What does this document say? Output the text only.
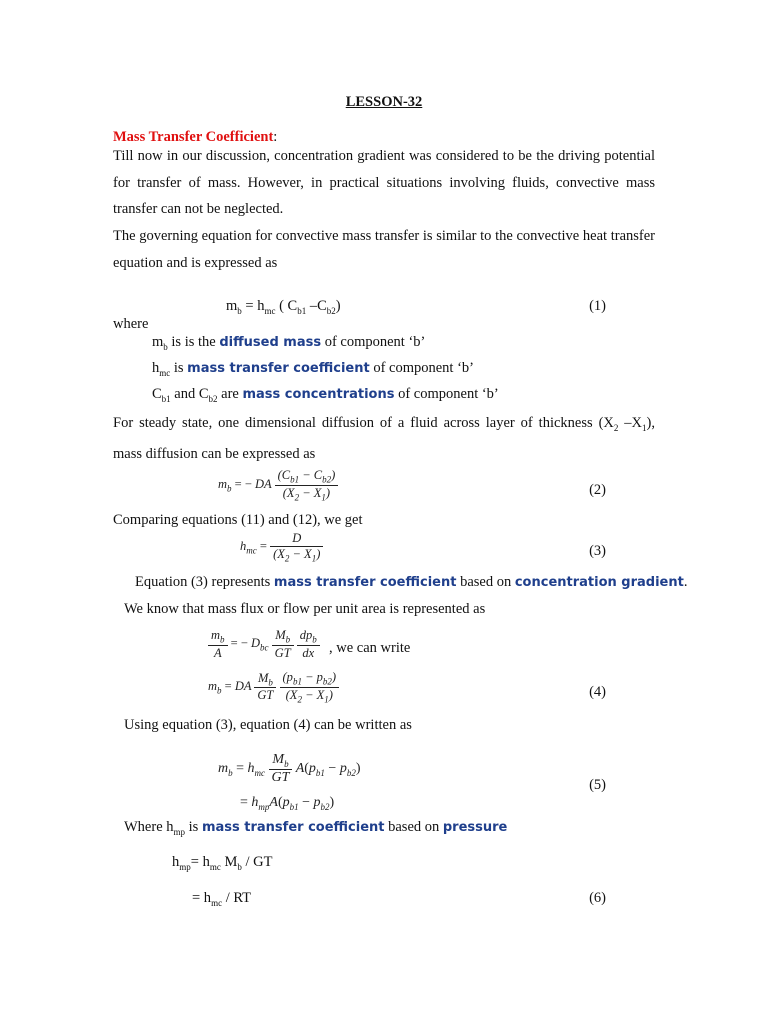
LESSON-32
Mass Transfer Coefficient:

Till now in our discussion, concentration gradient was considered to be the driving potential for transfer of mass. However, in practical situations involving fluids, convective mass transfer can not be neglected.

The governing equation for convective mass transfer is similar to the convective heat transfer equation and is expressed as

$m_b = h_{mc}$ ( $C_{b1}$ $-C_{b2}$)	(1)
where
$m_b$ is is the diffused mass of component ‘b’
$h_{mc}$ is mass transfer coefficient of component ‘b’
$C_{b1}$ and $C_{b2}$ are mass concentrations of component ‘b’

For steady state, one dimensional diffusion of a fluid across layer of thickness ($X_2$ $-X_1$), mass diffusion can be expressed as

$m_b$ = − DA $\frac{(C_{b1} - C_{b2})}{(X_2 - X_1)}$	(2)
Comparing equations (11) and (12), we get
$h_{mc} = \frac{D}{(X_2 - X_1)}$	(3)
Equation (3) represents mass transfer coefficient based on concentration gradient.
We know that mass flux or flow per unit area is represented as
$\frac{m_b}{A}$ = − $D_{bc} \frac{M_b}{GT}$
$\frac{dp_b}{dx}$ , we can write
$m_b$ = DA $\frac{M_b}{GT}$
$\frac{(p_{b1} - p_{b2})}{(X_2 - X_1)}$	(4)
Using equation (3), equation (4) can be written as
$m_b = h_{mc} \frac{M_b}{GT} A(p_{b1} - p_{b2})$
= $h_{mp}A(p_{b1} - p_{b2})$
(5)
Where $h_{mp}$ is mass transfer coefficient based on pressure
$h_{mp}= h_{mc}$ $M_b$ / GT
= $h_{mc}$ / RT	(6)
